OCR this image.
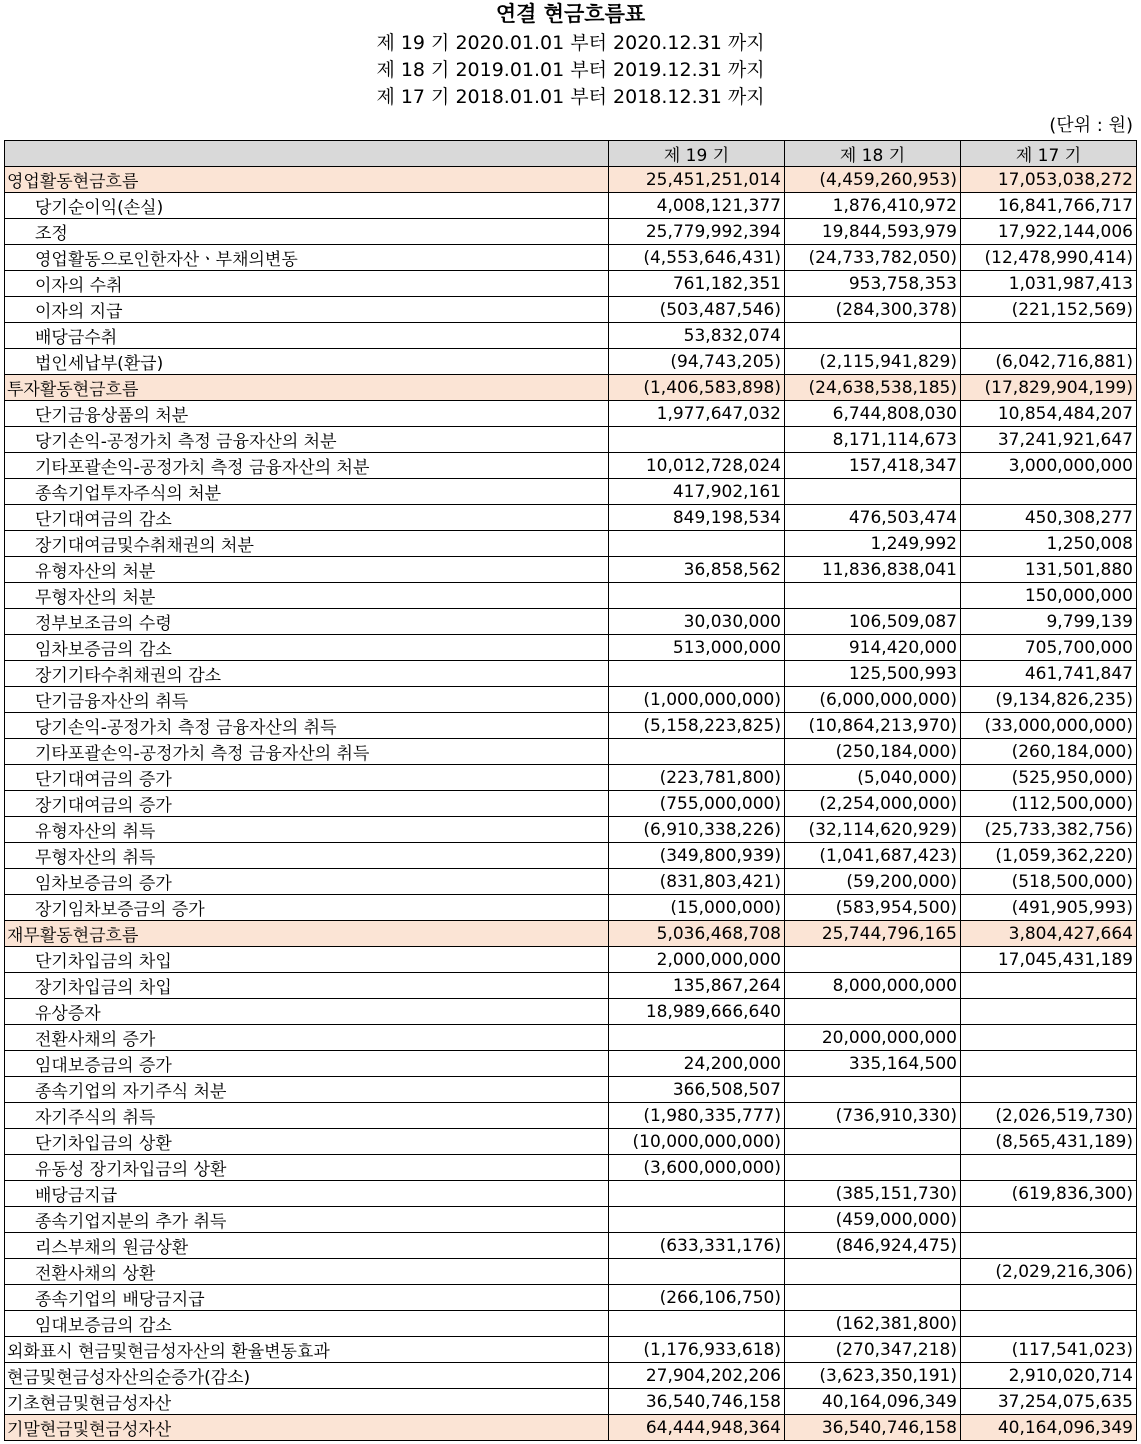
연결 현금흐름표
제 19 기 2020.01.01 부터 2020.12.31 까지
제 18 기 2019.01.01 부터 2019.12.31 까지
제 17 기 2018.01.01 부터 2018.12.31 까지
(단위 : 원)
	제 19 기	제 18 기	제 17 기
영업활동현금흐름	25,451,251,014	(4,459,260,953)	17,053,038,272
당기순이익(손실)	4,008,121,377	1,876,410,972	16,841,766,717
조정	25,779,992,394	19,844,593,979	17,922,144,006
영업활동으로인한자산ㆍ부채의변동	(4,553,646,431)	(24,733,782,050)	(12,478,990,414)
이자의 수취	761,182,351	953,758,353	1,031,987,413
이자의 지급	(503,487,546)	(284,300,378)	(221,152,569)
배당금수취	53,832,074		
법인세납부(환급)	(94,743,205)	(2,115,941,829)	(6,042,716,881)
투자활동현금흐름	(1,406,583,898)	(24,638,538,185)	(17,829,904,199)
단기금융상품의 처분	1,977,647,032	6,744,808,030	10,854,484,207
당기손익-공정가치 측정 금융자산의 처분		8,171,114,673	37,241,921,647
기타포괄손익-공정가치 측정 금융자산의 처분	10,012,728,024	157,418,347	3,000,000,000
종속기업투자주식의 처분	417,902,161		
단기대여금의 감소	849,198,534	476,503,474	450,308,277
장기대여금및수취채권의 처분		1,249,992	1,250,008
유형자산의 처분	36,858,562	11,836,838,041	131,501,880
무형자산의 처분			150,000,000
정부보조금의 수령	30,030,000	106,509,087	9,799,139
임차보증금의 감소	513,000,000	914,420,000	705,700,000
장기기타수취채권의 감소		125,500,993	461,741,847
단기금융자산의 취득	(1,000,000,000)	(6,000,000,000)	(9,134,826,235)
당기손익-공정가치 측정 금융자산의 취득	(5,158,223,825)	(10,864,213,970)	(33,000,000,000)
기타포괄손익-공정가치 측정 금융자산의 취득		(250,184,000)	(260,184,000)
단기대여금의 증가	(223,781,800)	(5,040,000)	(525,950,000)
장기대여금의 증가	(755,000,000)	(2,254,000,000)	(112,500,000)
유형자산의 취득	(6,910,338,226)	(32,114,620,929)	(25,733,382,756)
무형자산의 취득	(349,800,939)	(1,041,687,423)	(1,059,362,220)
임차보증금의 증가	(831,803,421)	(59,200,000)	(518,500,000)
장기임차보증금의 증가	(15,000,000)	(583,954,500)	(491,905,993)
재무활동현금흐름	5,036,468,708	25,744,796,165	3,804,427,664
단기차입금의 차입	2,000,000,000		17,045,431,189
장기차입금의 차입	135,867,264	8,000,000,000	
유상증자	18,989,666,640		
전환사채의 증가		20,000,000,000	
임대보증금의 증가	24,200,000	335,164,500	
종속기업의 자기주식 처분	366,508,507		
자기주식의 취득	(1,980,335,777)	(736,910,330)	(2,026,519,730)
단기차입금의 상환	(10,000,000,000)		(8,565,431,189)
유동성 장기차입금의 상환	(3,600,000,000)		
배당금지급		(385,151,730)	(619,836,300)
종속기업지분의 추가 취득		(459,000,000)	
리스부채의 원금상환	(633,331,176)	(846,924,475)	
전환사채의 상환			(2,029,216,306)
종속기업의 배당금지급	(266,106,750)		
임대보증금의 감소		(162,381,800)	
외화표시 현금및현금성자산의 환율변동효과	(1,176,933,618)	(270,347,218)	(117,541,023)
현금및현금성자산의순증가(감소)	27,904,202,206	(3,623,350,191)	2,910,020,714
기초현금및현금성자산	36,540,746,158	40,164,096,349	37,254,075,635
기말현금및현금성자산	64,444,948,364	36,540,746,158	40,164,096,349
